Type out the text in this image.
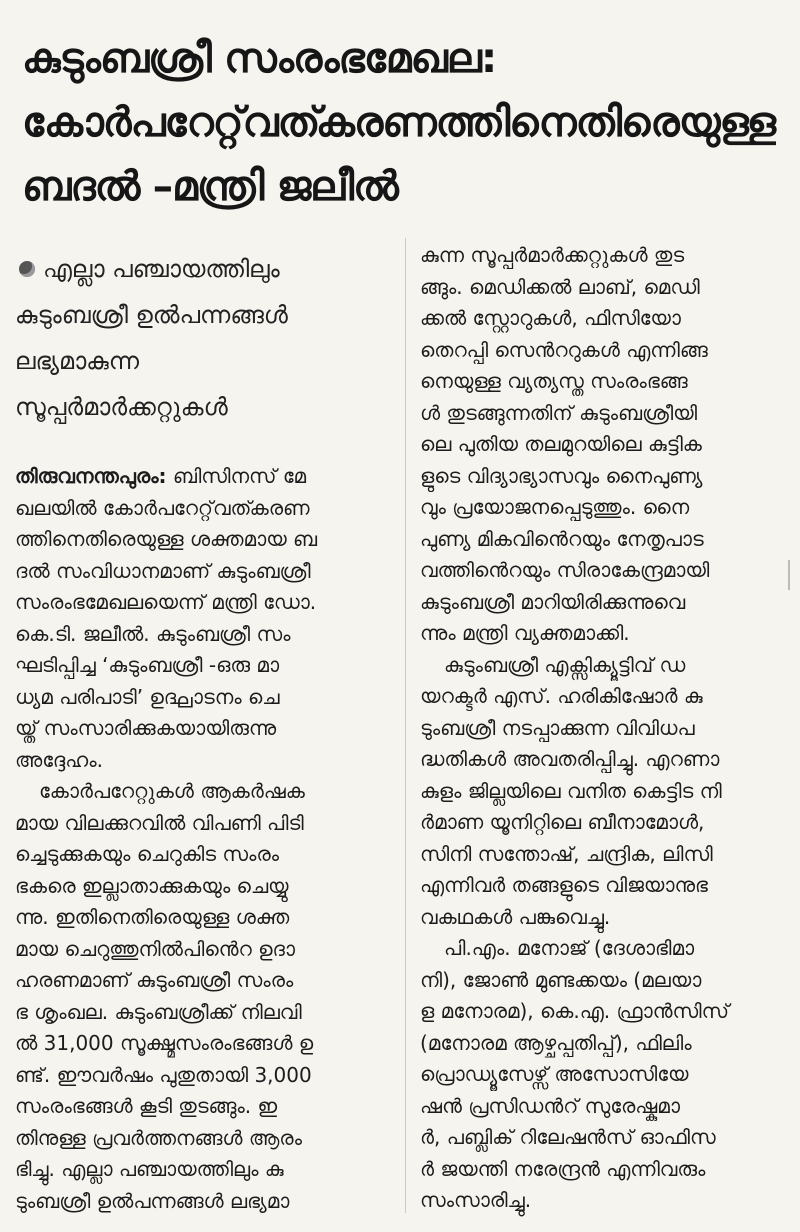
കുടുംബശ്രീ സംരംഭമേഖല:
കോർപറേറ്റ്‌വത്കരണത്തിനെതിരെയുള്ള
ബദൽ –മന്ത്രി ജലീൽ
എല്ലാ പഞ്ചായത്തിലും
കുടുംബശ്രീ ഉൽപന്നങ്ങൾ
ലഭ്യമാകുന്ന
സൂപ്പർമാർക്കറ്റുകൾ
തിരുവനന്തപുരം: ബിസിനസ് മേ
ഖലയിൽ കോർപറേറ്റ്‌വത്കരണ
ത്തിനെതിരെയുള്ള ശക്തമായ ബ
ദൽ സംവിധാനമാണ് കുടുംബശ്രീ
സംരംഭമേഖലയെന്ന് മന്ത്രി ഡോ.
കെ.ടി. ജലീൽ. കുടുംബശ്രീ സം
ഘടിപ്പിച്ച ‘കുടുംബശ്രീ -ഒരു മാ
ധ്യമ പരിപാടി’ ഉദ്ഘാടനം ചെ
യ്ത് സംസാരിക്കുകയായിരുന്നു
അദ്ദേഹം.
കോർപറേറ്റുകൾ ആകർഷക
മായ വിലക്കുറവിൽ വിപണി പിടി
ച്ചെടുക്കുകയും ചെറുകിട സംരം
ഭകരെ ഇല്ലാതാക്കുകയും ചെയ്യു
ന്നു. ഇതിനെതിരെയുള്ള ശക്ത
മായ ചെറുത്തുനിൽപിൻെറ ഉദാ
ഹരണമാണ് കുടുംബശ്രീ സംരം
ഭ ശൃംഖല. കുടുംബശ്രീക്ക് നിലവി
ൽ 31,000 സൂക്ഷ്മസംരംഭങ്ങൾ ഉ
ണ്ട്. ഈവർഷം പുതുതായി 3,000
സംരംഭങ്ങൾ കൂടി തുടങ്ങും. ഇ
തിനുള്ള പ്രവർത്തനങ്ങൾ ആരം
ഭിച്ചു. എല്ലാ പഞ്ചായത്തിലും കു
ടുംബശ്രീ ഉൽപന്നങ്ങൾ ലഭ്യമാ
കുന്ന സൂപ്പർമാർക്കറ്റുകൾ തുട
ങ്ങും. മെഡിക്കൽ ലാബ്, മെഡി
ക്കൽ സ്റ്റോറുകൾ, ഫിസിയോ
തെറപ്പി സെൻററുകൾ എന്നിങ്ങ
നെയുള്ള വ്യത്യസ്ത സംരംഭങ്ങ
ൾ തുടങ്ങുന്നതിന് കുടുംബശ്രീയി
ലെ പുതിയ തലമുറയിലെ കുട്ടിക
ളുടെ വിദ്യാഭ്യാസവും നൈപുണ്യ
വും പ്രയോജനപ്പെടുത്തും. നൈ
പുണ്യ മികവിൻെറയും നേതൃപാട
വത്തിൻെറയും സിരാകേന്ദ്രമായി
കുടുംബശ്രീ മാറിയിരിക്കുന്നുവെ
ന്നും മന്ത്രി വ്യക്തമാക്കി.
കുടുംബശ്രീ എക്സിക്യൂട്ടിവ് ഡ
യറക്ടർ എസ്. ഹരികിഷോർ കു
ടുംബശ്രീ നടപ്പാക്കുന്ന വിവിധപ
ദ്ധതികൾ അവതരിപ്പിച്ചു. എറണാ
കുളം ജില്ലയിലെ വനിത കെട്ടിട നി
ർമാണ യൂനിറ്റിലെ ബീനാമോൾ,
സിനി സന്തോഷ്, ചന്ദ്രിക, ലിസി
എന്നിവർ തങ്ങളുടെ വിജയാനുഭ
വകഥകൾ പങ്കുവെച്ചു.
പി.എം. മനോജ് (ദേശാഭിമാ
നി), ജോൺ മുണ്ടക്കയം (മലയാ
ള മനോരമ), കെ.എ. ഫ്രാൻസിസ്
(മനോരമ ആഴ്ചപ്പതിപ്പ്), ഫിലിം
പ്രൊഡ്യൂസേഴ്സ് അസോസിയേ
ഷൻ പ്രസിഡൻറ് സുരേഷ്കുമാ
ർ, പബ്ലിക് റിലേഷൻസ് ഓഫിസ
ർ ജയന്തി നരേന്ദ്രൻ എന്നിവരും
സംസാരിച്ചു.
